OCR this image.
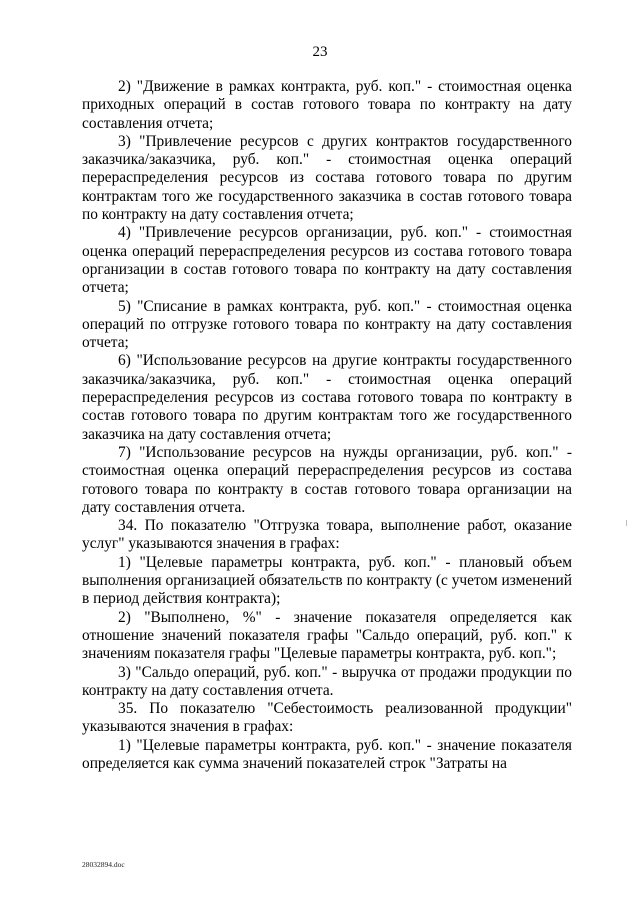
23

2) "Движение в рамках контракта, руб. коп." - стоимостная оценка приходных операций в состав готового товара по контракту на дату составления отчета;

3) "Привлечение ресурсов с других контрактов государственного заказчика/заказчика, руб. коп." - стоимостная оценка операций перераспределения ресурсов из состава готового товара по другим контрактам того же государственного заказчика в состав готового товара по контракту на дату составления отчета;

4) "Привлечение ресурсов организации, руб. коп." - стоимостная оценка операций перераспределения ресурсов из состава готового товара организации в состав готового товара по контракту на дату составления отчета;

5) "Списание в рамках контракта, руб. коп." - стоимостная оценка операций по отгрузке готового товара по контракту на дату составления отчета;

6) "Использование ресурсов на другие контракты государственного заказчика/заказчика, руб. коп." - стоимостная оценка операций перераспределения ресурсов из состава готового товара по контракту в состав готового товара по другим контрактам того же государственного заказчика на дату составления отчета;

7) "Использование ресурсов на нужды организации, руб. коп." - стоимостная оценка операций перераспределения ресурсов из состава готового товара по контракту в состав готового товара организации на дату составления отчета.

34. По показателю "Отгрузка товара, выполнение работ, оказание услуг" указываются значения в графах:

1) "Целевые параметры контракта, руб. коп." - плановый объем выполнения организацией обязательств по контракту (с учетом изменений в период действия контракта);

2) "Выполнено, %" - значение показателя определяется как отношение значений показателя графы "Сальдо операций, руб. коп." к значениям показателя графы "Целевые параметры контракта, руб. коп.";

3) "Сальдо операций, руб. коп." - выручка от продажи продукции по контракту на дату составления отчета.

35. По показателю "Себестоимость реализованной продукции" указываются значения в графах:

1) "Целевые параметры контракта, руб. коп." - значение показателя определяется как сумма значений показателей строк "Затраты на

28032894.doc
